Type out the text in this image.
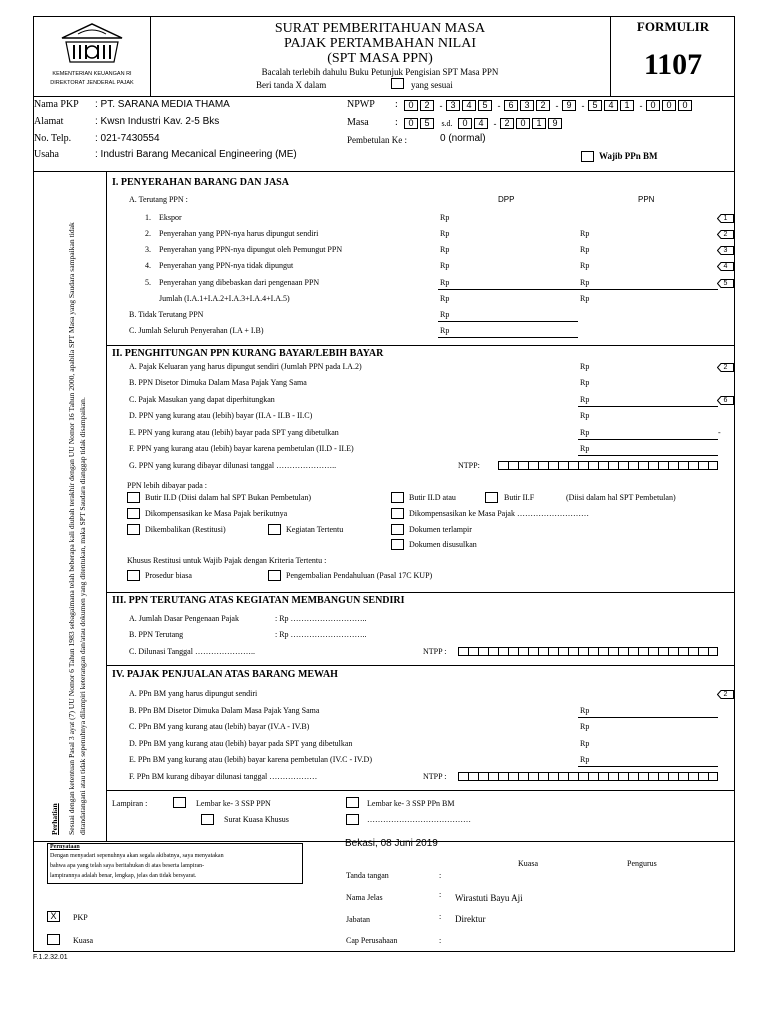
KEMENTERIAN KEUANGAN RI
DIREKTORAT JENDERAL PAJAK
SURAT PEMBERITAHUAN MASA
PAJAK PERTAMBAHAN NILAI
(SPT MASA PPN)
Bacalah terlebih dahulu Buku Petunjuk Pengisian SPT Masa PPN
Beri tanda X dalam	yang sesuai
FORMULIR
1107
Nama PKP : PT. SARANA MEDIA THAMA
Alamat	: Kwsn Industri Kav. 2-5 Bks
No. Telp. : 021-7430554
Usaha	: Industri Barang Mecanical Engineering (ME)
NPWP :	0	2	- 3	4	5	- 6	3	2	- 9	- 5	4	1	- 0	0	0
Masa	:	0	5	s.d.	0	4	- 2	0	1	9
Pembetulan Ke :	0 (normal)
Wajib PPn BM
Perhatian Sesuai dengan ketentuan Pasal 3 ayat (7) UU Nomor 6 Tahun 1983 sebagaimana telah beberapa kali diubah terakhir dengan UU Nomor 16 Tahun 2000, apabila SPT Masa yang Saudara sampaikan tidak ditandatangani atau tidak sepenuhnya dilampiri keterangan dan/atau dokumen yang ditentukan, maka SPT Saudara dianggap tidak disampaikan.
I. PENYERAHAN BARANG DAN JASA
A. Terutang PPN :	DPP	PPN
1. Ekspor	Rp	1
2. Penyerahan yang PPN-nya harus dipungut sendiri	Rp	Rp	2
3. Penyerahan yang PPN-nya dipungut oleh Pemungut PPN	Rp	Rp	3
4. Penyerahan yang PPN-nya tidak dipungut	Rp	Rp	4
5. Penyerahan yang dibebaskan dari pengenaan PPN	Rp	Rp	5
Jumlah (I.A.1+I.A.2+I.A.3+I.A.4+I.A.5)	Rp	Rp
B. Tidak Terutang PPN	Rp
C. Jumlah Seluruh Penyerahan (I.A + I.B)	Rp
II. PENGHITUNGAN PPN KURANG BAYAR/LEBIH BAYAR
A. Pajak Keluaran yang harus dipungut sendiri (Jumlah PPN pada I.A.2)	Rp	2
B. PPN Disetor Dimuka Dalam Masa Pajak Yang Sama	Rp
C. Pajak Masukan yang dapat diperhitungkan	Rp	6
D. PPN yang kurang atau (lebih) bayar (II.A - II.B - II.C)	Rp
E. PPN yang kurang atau (lebih) bayar pada SPT yang dibetulkan	Rp
F. PPN yang kurang atau (lebih) bayar karena pembetulan (II.D - II.E)	Rp
-
G. PPN yang kurang dibayar dilunasi tanggal …………………..	NTPP:
PPN lebih dibayar pada :
Butir II.D (Diisi dalam hal SPT Bukan Pembetulan)	Butir II.D atau	Butir II.F	(Diisi dalam hal SPT Pembetulan)
Dikompensasikan ke Masa Pajak berikutnya	Dikompensasikan ke Masa Pajak ………………………
Dikembalikan (Restitusi)	Kegiatan Tertentu	Dokumen terlampir
Dokumen disusulkan
Khusus Restitusi untuk Wajib Pajak dengan Kriteria Tertentu :
Prosedur biasa	Pengembalian Pendahuluan (Pasal 17C KUP)
III. PPN TERUTANG ATAS KEGIATAN MEMBANGUN SENDIRI
A. Jumlah Dasar Pengenaan Pajak	: Rp ………………………..
B. PPN Terutang	: Rp ………………………..
C. Dilunasi Tanggal …………………..	NTPP :
IV. PAJAK PENJUALAN ATAS BARANG MEWAH
A. PPn BM yang harus dipungut sendiri	2
B. PPn BM Disetor Dimuka Dalam Masa Pajak Yang Sama	Rp
C. PPn BM yang kurang atau (lebih) bayar (IV.A - IV.B)	Rp
D. PPn BM yang kurang atau (lebih) bayar pada SPT yang dibetulkan	Rp
E. PPn BM yang kurang atau (lebih) bayar karena pembetulan (IV.C - IV.D)	Rp
F. PPn BM kurang dibayar dilunasi tanggal ………………	NTPP :
Lampiran :	Lembar ke- 3 SSP PPN	Lembar ke- 3 SSP PPn BM
Surat Kuasa Khusus	…………………………………
Pernyataan
Dengan menyadari sepenuhnya akan segala akibatnya, saya menyatakan
bahwa apa yang telah saya beritahukan di atas beserta lampiran-
lampirannya adalah benar, lengkap, jelas dan tidak bersyarat.
Bekasi, 08 Juni 2019
Kuasa	Pengurus
Tanda tangan	:
Nama Jelas	: Wirastuti Bayu Aji
Jabatan	: Direktur
Cap Perusahaan	:
X	PKP
Kuasa
F.1.2.32.01
